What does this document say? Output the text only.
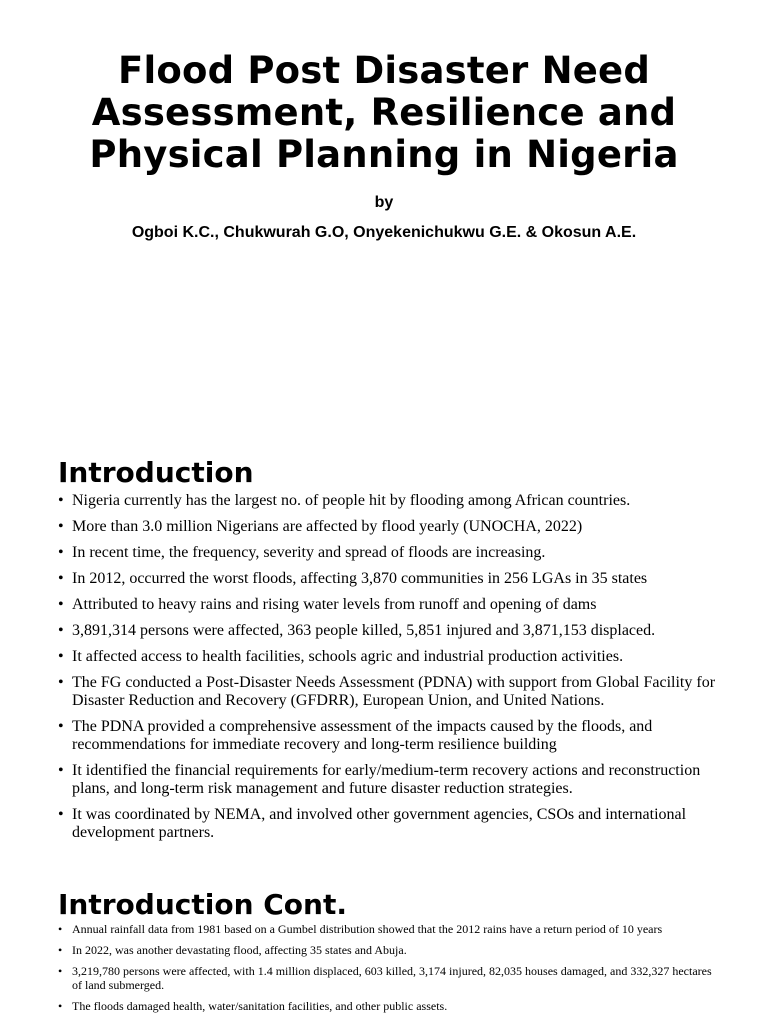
Flood Post Disaster Need Assessment, Resilience and Physical Planning in Nigeria
by
Ogboi K.C., Chukwurah G.O, Onyekenichukwu G.E. & Okosun A.E.
Introduction
• Nigeria currently has the largest no. of people hit by flooding among African countries.
• More than 3.0 million Nigerians are affected by flood yearly (UNOCHA, 2022)
• In recent time, the frequency, severity and spread of floods are increasing.
• In 2012, occurred the worst floods, affecting 3,870 communities in 256 LGAs in 35 states
• Attributed to heavy rains and rising water levels from runoff and opening of dams
• 3,891,314 persons were affected, 363 people killed, 5,851 injured and 3,871,153 displaced.
• It affected access to health facilities, schools agric and industrial production activities.
• The FG conducted a Post-Disaster Needs Assessment (PDNA) with support from Global Facility for Disaster Reduction and Recovery (GFDRR), European Union, and United Nations.
• The PDNA provided a comprehensive assessment of the impacts caused by the floods, and recommendations for immediate recovery and long-term resilience building
• It identified the financial requirements for early/medium-term recovery actions and reconstruction plans, and long-term risk management and future disaster reduction strategies.
• It was coordinated by NEMA, and involved other government agencies, CSOs and international development partners.
Introduction Cont.
• Annual rainfall data from 1981 based on a Gumbel distribution showed that the 2012 rains have a return period of 10 years
• In 2022, was another devastating flood, affecting 35 states and Abuja.
• 3,219,780 persons were affected, with 1.4 million displaced, 603 killed, 3,174 injured, 82,035 houses damaged, and 332,327 hectares of land submerged.
• The floods damaged health, water/sanitation facilities, and other public assets.
